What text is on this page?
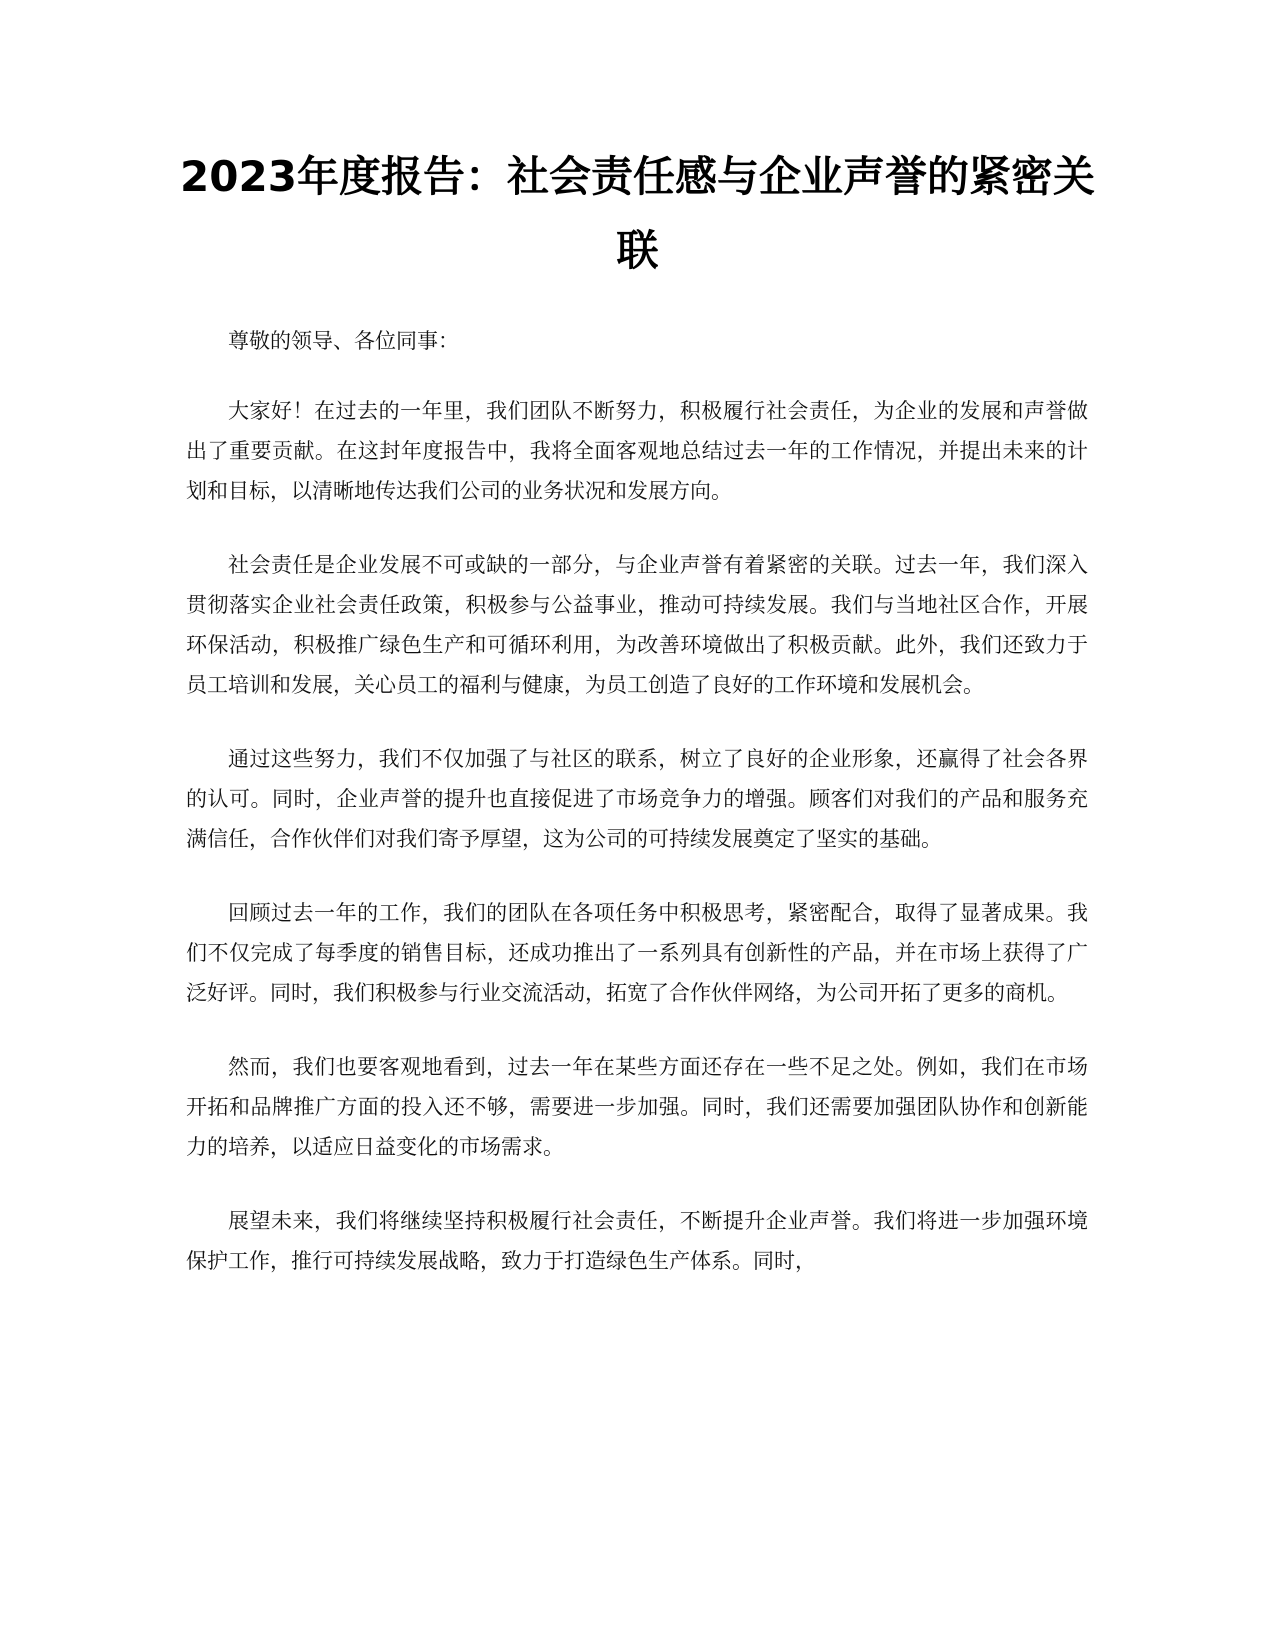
2023年度报告：社会责任感与企业声誉的紧密关联

尊敬的领导、各位同事：

大家好！在过去的一年里，我们团队不断努力，积极履行社会责任，为企业的发展和声誉做出了重要贡献。在这封年度报告中，我将全面客观地总结过去一年的工作情况，并提出未来的计划和目标，以清晰地传达我们公司的业务状况和发展方向。

社会责任是企业发展不可或缺的一部分，与企业声誉有着紧密的关联。过去一年，我们深入贯彻落实企业社会责任政策，积极参与公益事业，推动可持续发展。我们与当地社区合作，开展环保活动，积极推广绿色生产和可循环利用，为改善环境做出了积极贡献。此外，我们还致力于员工培训和发展，关心员工的福利与健康，为员工创造了良好的工作环境和发展机会。

通过这些努力，我们不仅加强了与社区的联系，树立了良好的企业形象，还赢得了社会各界的认可。同时，企业声誉的提升也直接促进了市场竞争力的增强。顾客们对我们的产品和服务充满信任，合作伙伴们对我们寄予厚望，这为公司的可持续发展奠定了坚实的基础。

回顾过去一年的工作，我们的团队在各项任务中积极思考，紧密配合，取得了显著成果。我们不仅完成了每季度的销售目标，还成功推出了一系列具有创新性的产品，并在市场上获得了广泛好评。同时，我们积极参与行业交流活动，拓宽了合作伙伴网络，为公司开拓了更多的商机。

然而，我们也要客观地看到，过去一年在某些方面还存在一些不足之处。例如，我们在市场开拓和品牌推广方面的投入还不够，需要进一步加强。同时，我们还需要加强团队协作和创新能力的培养，以适应日益变化的市场需求。

展望未来，我们将继续坚持积极履行社会责任，不断提升企业声誉。我们将进一步加强环境保护工作，推行可持续发展战略，致力于打造绿色生产体系。同时，
